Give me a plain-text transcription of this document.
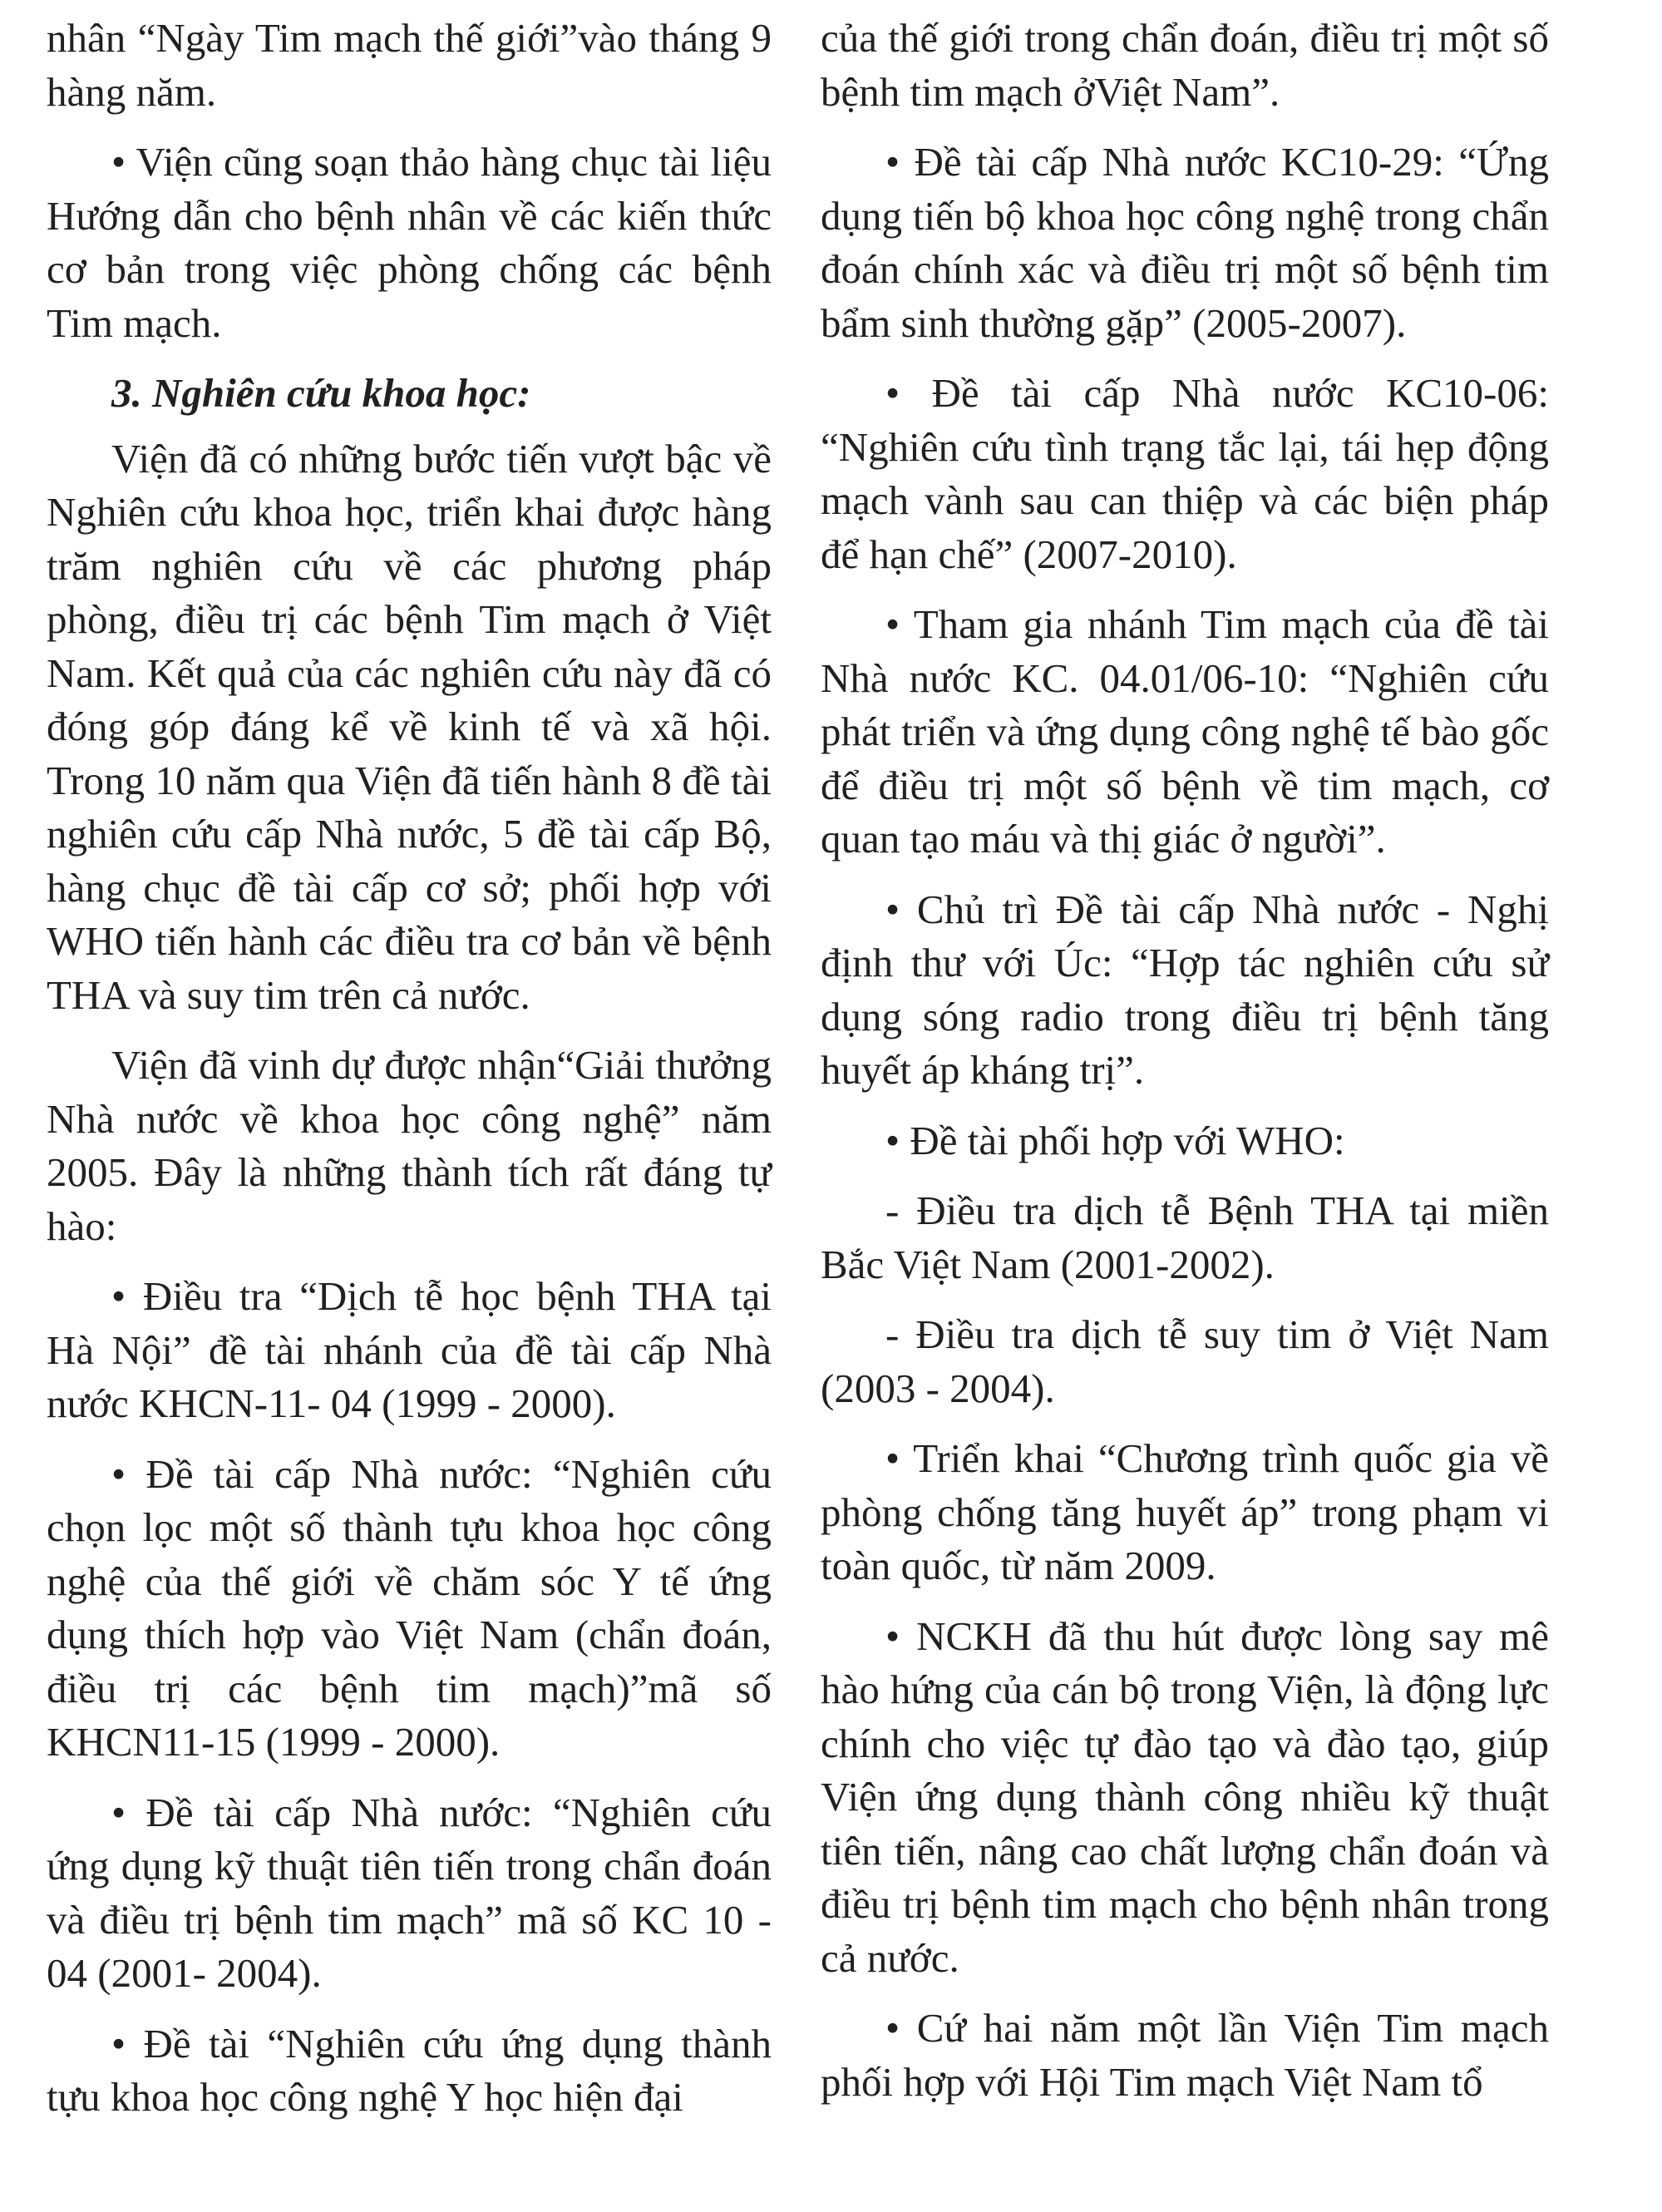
nhân “Ngày Tim mạch thế giới”vào tháng 9 hàng năm.

• Viện cũng soạn thảo hàng chục tài liệu Hướng dẫn cho bệnh nhân về các kiến thức cơ bản trong việc phòng chống các bệnh Tim mạch.

3. Nghiên cứu khoa học:

Viện đã có những bước tiến vượt bậc về Nghiên cứu khoa học, triển khai được hàng trăm nghiên cứu về các phương pháp phòng, điều trị các bệnh Tim mạch ở Việt Nam. Kết quả của các nghiên cứu này đã có đóng góp đáng kể về kinh tế và xã hội. Trong 10 năm qua Viện đã tiến hành 8 đề tài nghiên cứu cấp Nhà nước, 5 đề tài cấp Bộ, hàng chục đề tài cấp cơ sở; phối hợp với WHO tiến hành các điều tra cơ bản về bệnh THA và suy tim trên cả nước.

Viện đã vinh dự được nhận“Giải thưởng Nhà nước về khoa học công nghệ” năm 2005. Đây là những thành tích rất đáng tự hào:

• Điều tra “Dịch tễ học bệnh THA tại Hà Nội” đề tài nhánh của đề tài cấp Nhà nước KHCN-11- 04 (1999 - 2000).

• Đề tài cấp Nhà nước: “Nghiên cứu chọn lọc một số thành tựu khoa học công nghệ của thế giới về chăm sóc Y tế ứng dụng thích hợp vào Việt Nam (chẩn đoán, điều trị các bệnh tim mạch)”mã số KHCN11-15 (1999 - 2000).

• Đề tài cấp Nhà nước: “Nghiên cứu ứng dụng kỹ thuật tiên tiến trong chẩn đoán và điều trị bệnh tim mạch” mã số KC 10 - 04 (2001- 2004).

• Đề tài “Nghiên cứu ứng dụng thành tựu khoa học công nghệ Y học hiện đại

của thế giới trong chẩn đoán, điều trị một số bệnh tim mạch ởViệt Nam”.

• Đề tài cấp Nhà nước KC10-29: “Ứng dụng tiến bộ khoa học công nghệ trong chẩn đoán chính xác và điều trị một số bệnh tim bẩm sinh thường gặp” (2005-2007).

• Đề tài cấp Nhà nước KC10-06: “Nghiên cứu tình trạng tắc lại, tái hẹp động mạch vành sau can thiệp và các biện pháp để hạn chế” (2007-2010).

• Tham gia nhánh Tim mạch của đề tài Nhà nước KC. 04.01/06-10: “Nghiên cứu phát triển và ứng dụng công nghệ tế bào gốc để điều trị một số bệnh về tim mạch, cơ quan tạo máu và thị giác ở người”.

• Chủ trì Đề tài cấp Nhà nước - Nghị định thư với Úc: “Hợp tác nghiên cứu sử dụng sóng radio trong điều trị bệnh tăng huyết áp kháng trị”.

• Đề tài phối hợp với WHO:

- Điều tra dịch tễ Bệnh THA tại miền Bắc Việt Nam (2001-2002).

- Điều tra dịch tễ suy tim ở Việt Nam (2003 - 2004).

• Triển khai “Chương trình quốc gia về phòng chống tăng huyết áp” trong phạm vi toàn quốc, từ năm 2009.

• NCKH đã thu hút được lòng say mê hào hứng của cán bộ trong Viện, là động lực chính cho việc tự đào tạo và đào tạo, giúp Viện ứng dụng thành công nhiều kỹ thuật tiên tiến, nâng cao chất lượng chẩn đoán và điều trị bệnh tim mạch cho bệnh nhân trong cả nước.

• Cứ hai năm một lần Viện Tim mạch phối hợp với Hội Tim mạch Việt Nam tổ
